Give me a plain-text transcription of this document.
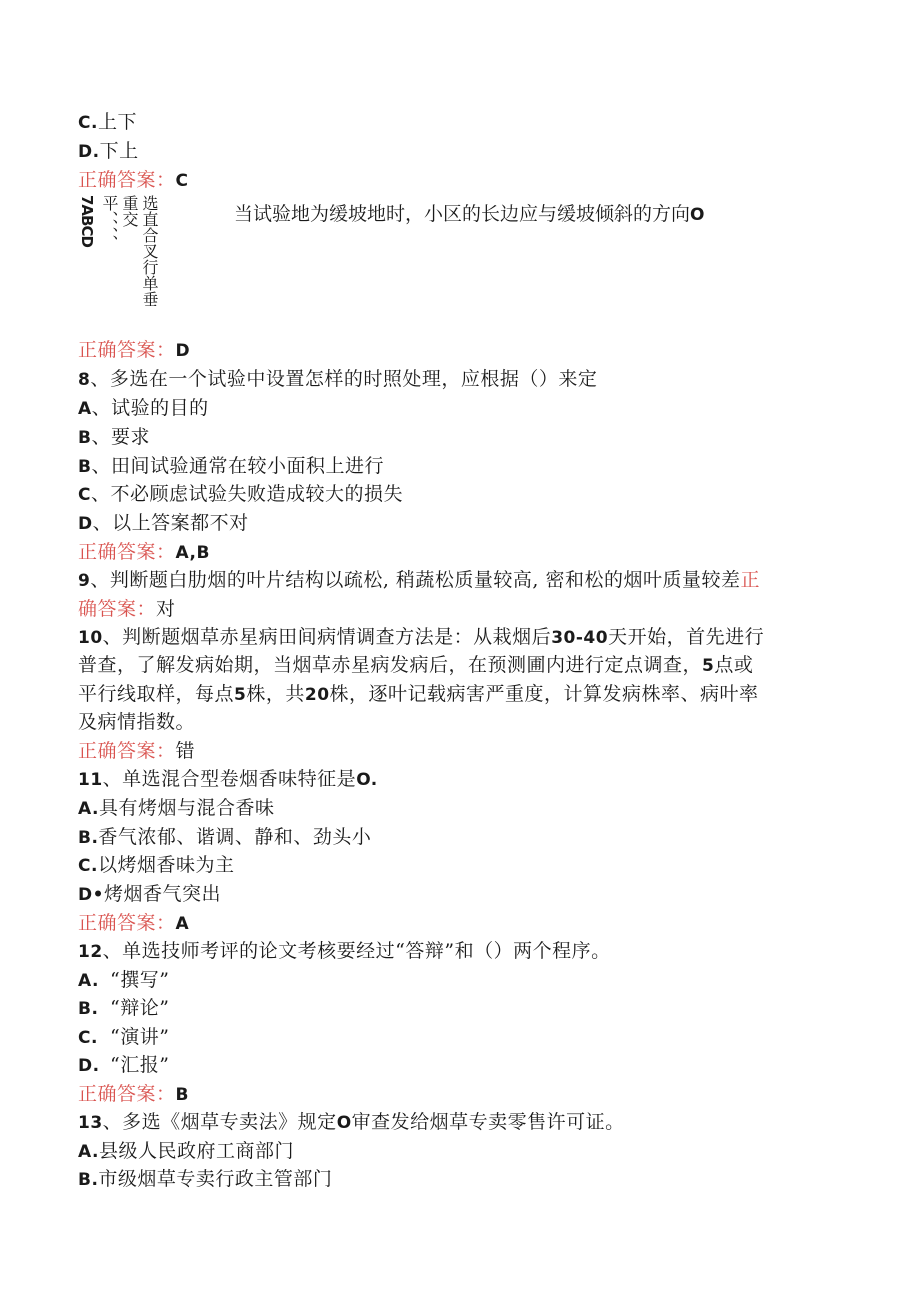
C.上下
D.下上
正确答案：C
7ABCD 平、、、、 重交 选直合叉行单垂	当试验地为缓坡地时，小区的长边应与缓坡倾斜的方向O
正确答案：D
8、多选在一个试验中设置怎样的时照处理，应根据（）来定
A、试验的目的
B、要求
B、田间试验通常在较小面积上进行
C、不必顾虑试验失败造成较大的损失
D、以上答案都不对
正确答案：A,B
9、判断题白肋烟的叶片结构以疏松, 稍蔬松质量较高, 密和松的烟叶质量较差正
确答案：对
10、判断题烟草赤星病田间病情调查方法是：从栽烟后30-40天开始，首先进行
普查，了解发病始期，当烟草赤星病发病后，在预测圃内进行定点调查，5点或
平行线取样，每点5株，共20株，逐叶记载病害严重度，计算发病株率、病叶率
及病情指数。
正确答案：错
11、单选混合型卷烟香味特征是O.
A.具有烤烟与混合香味
B.香气浓郁、谐调、静和、劲头小
C.以烤烟香味为主
D•烤烟香气突出
正确答案：A
12、单选技师考评的论文考核要经过“答辩”和（）两个程序。
A. “撰写”
B. “辩论”
C. “演讲”
D. “汇报”
正确答案：B
13、多选《烟草专卖法》规定O审查发给烟草专卖零售许可证。
A.县级人民政府工商部门
B.市级烟草专卖行政主管部门
